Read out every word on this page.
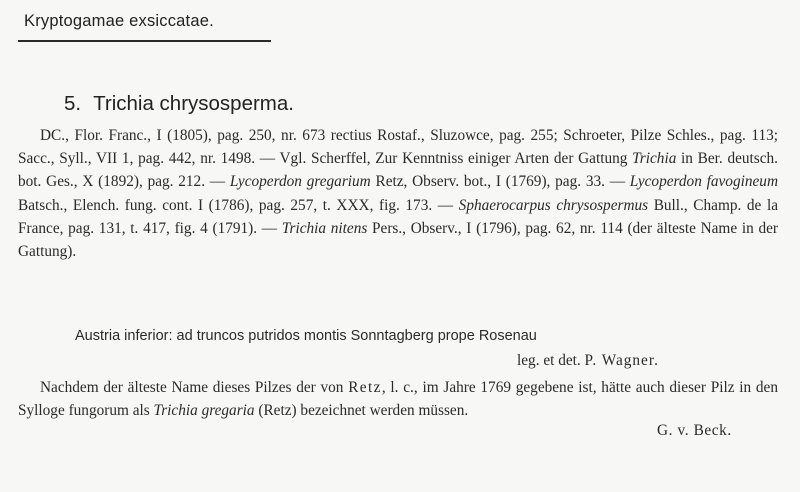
Kryptogamae exsiccatae.
5. Trichia chrysosperma.
DC., Flor. Franc., I (1805), pag. 250, nr. 673 rectius Rostaf., Sluzowce, pag. 255; Schroeter, Pilze Schles., pag. 113; Sacc., Syll., VII 1, pag. 442, nr. 1498. — Vgl. Scherffel, Zur Kenntniss einiger Arten der Gattung Trichia in Ber. deutsch. bot. Ges., X (1892), pag. 212. — Lycoperdon gregarium Retz, Observ. bot., I (1769), pag. 33. — Lycoperdon favogineum Batsch., Elench. fung. cont. I (1786), pag. 257, t. XXX, fig. 173. — Sphaerocarpus chrysospermus Bull., Champ. de la France, pag. 131, t. 417, fig. 4 (1791). — Trichia nitens Pers., Observ., I (1796), pag. 62, nr. 114 (der älteste Name in der Gattung).
Austria inferior: ad truncos putridos montis Sonntagberg prope Rosenau
leg. et det. P. Wagner.
Nachdem der älteste Name dieses Pilzes der von Retz, l. c., im Jahre 1769 gegebene ist, hätte auch dieser Pilz in den Sylloge fungorum als Trichia gregaria (Retz) bezeichnet werden müssen.
G. v. Beck.
